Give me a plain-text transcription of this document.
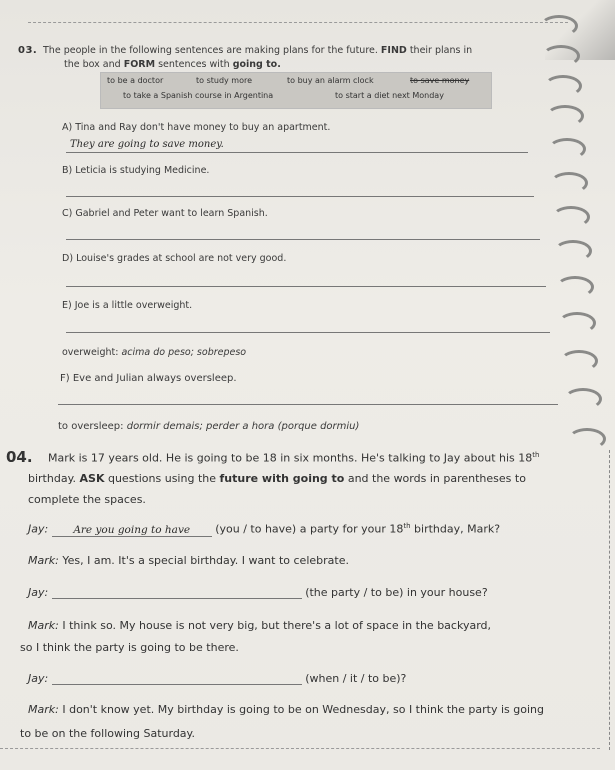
03. The people in the following sentences are making plans for the future. FIND their plans in
the box and FORM sentences with going to.
to be a doctor	to study more	to buy an alarm clock	to save money
to take a Spanish course in Argentina	to start a diet next Monday
A) Tina and Ray don't have money to buy an apartment.
They are going to save money.
B) Leticia is studying Medicine.
C) Gabriel and Peter want to learn Spanish.
D) Louise's grades at school are not very good.
E) Joe is a little overweight.
overweight: acima do peso; sobrepeso
F) Eve and Julian always oversleep.
to oversleep: dormir demais; perder a hora (porque dormiu)
04. Mark is 17 years old. He is going to be 18 in six months. He's talking to Jay about his 18th
birthday. ASK questions using the future with going to and the words in parentheses to
complete the spaces.
Jay: Are you going to have (you / to have) a party for your 18th birthday, Mark?
Mark: Yes, I am. It's a special birthday. I want to celebrate.
Jay:	(the party / to be) in your house?
Mark: I think so. My house is not very big, but there's a lot of space in the backyard,
so I think the party is going to be there.
Jay:	(when / it / to be)?
Mark: I don't know yet. My birthday is going to be on Wednesday, so I think the party is going
to be on the following Saturday.
